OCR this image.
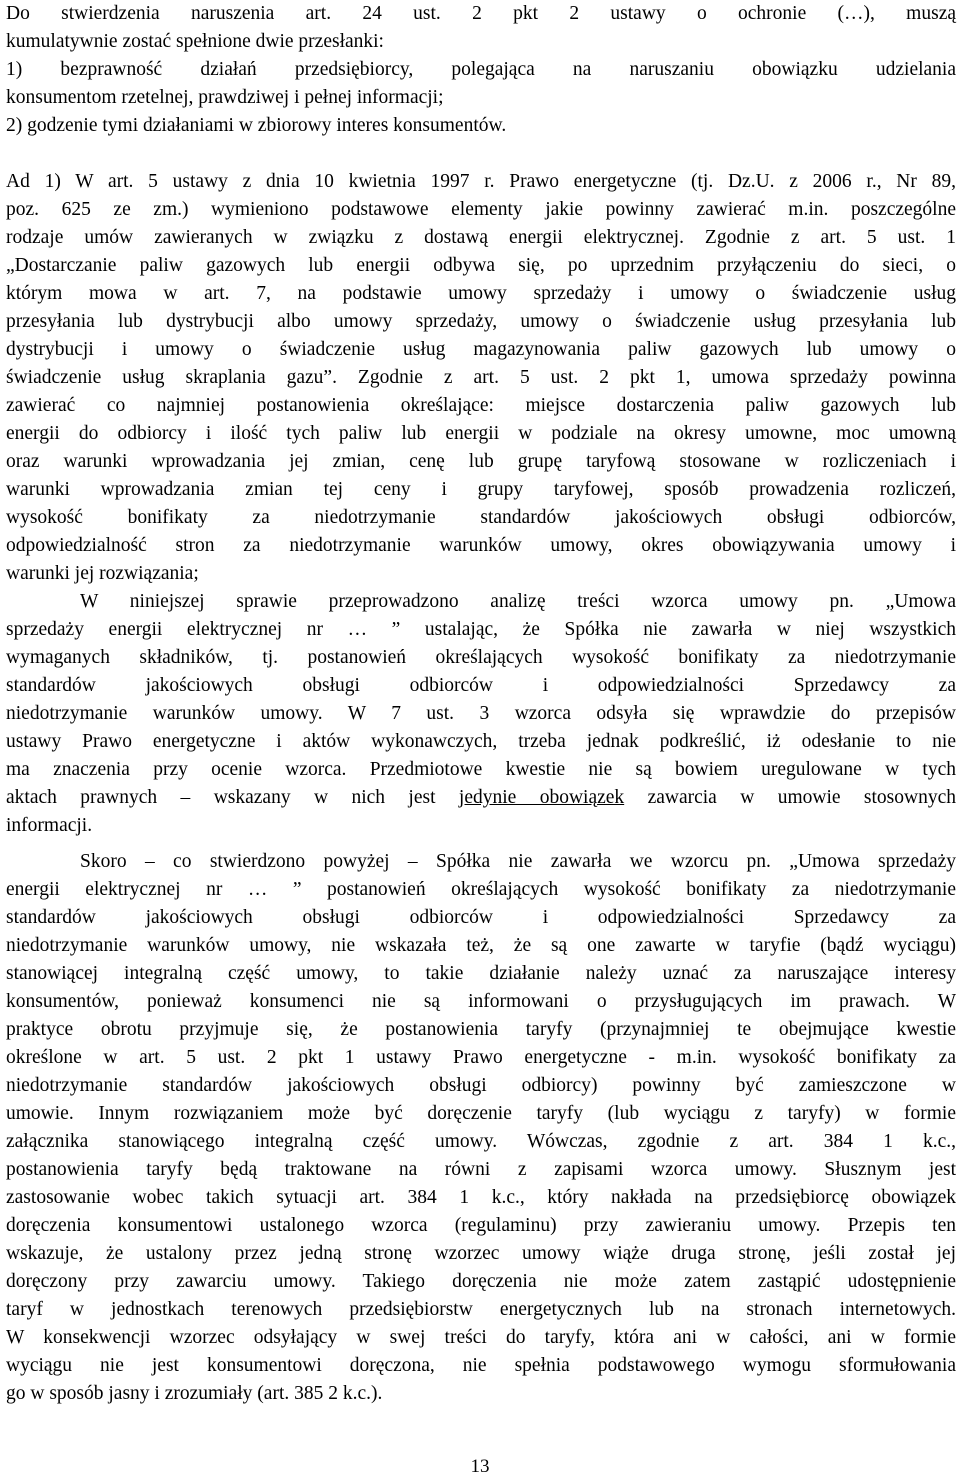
Do stwierdzenia naruszenia art. 24 ust. 2 pkt 2 ustawy o ochronie (…), muszą
kumulatywnie zostać spełnione dwie przesłanki:
1) bezprawność działań przedsiębiorcy, polegająca na naruszaniu obowiązku udzielania
konsumentom rzetelnej, prawdziwej i pełnej informacji;
2) godzenie tymi działaniami w zbiorowy interes konsumentów.
Ad 1) W art. 5 ustawy z dnia 10 kwietnia 1997 r. Prawo energetyczne (tj. Dz.U. z 2006 r., Nr 89,
poz. 625 ze zm.) wymieniono podstawowe elementy jakie powinny zawierać m.in. poszczególne
rodzaje umów zawieranych w związku z dostawą energii elektrycznej. Zgodnie z art. 5 ust. 1
„Dostarczanie paliw gazowych lub energii odbywa się, po uprzednim przyłączeniu do sieci, o
którym mowa w art. 7, na podstawie umowy sprzedaży i umowy o świadczenie usług
przesyłania lub dystrybucji albo umowy sprzedaży, umowy o świadczenie usług przesyłania lub
dystrybucji i umowy o świadczenie usług magazynowania paliw gazowych lub umowy o
świadczenie usług skraplania gazu”. Zgodnie z art. 5 ust. 2 pkt 1, umowa sprzedaży powinna
zawierać co najmniej postanowienia określające: miejsce dostarczenia paliw gazowych lub
energii do odbiorcy i ilość tych paliw lub energii w podziale na okresy umowne, moc umowną
oraz warunki wprowadzania jej zmian, cenę lub grupę taryfową stosowane w rozliczeniach i
warunki wprowadzania zmian tej ceny i grupy taryfowej, sposób prowadzenia rozliczeń,
wysokość bonifikaty za niedotrzymanie standardów jakościowych obsługi odbiorców,
odpowiedzialność stron za niedotrzymanie warunków umowy, okres obowiązywania umowy i
warunki jej rozwiązania;
W niniejszej sprawie przeprowadzono analizę treści wzorca umowy pn. „Umowa
sprzedaży energii elektrycznej nr … ” ustalając, że Spółka nie zawarła w niej wszystkich
wymaganych składników, tj. postanowień określających wysokość bonifikaty za niedotrzymanie
standardów jakościowych obsługi odbiorców i odpowiedzialności Sprzedawcy za
niedotrzymanie warunków umowy. W 7 ust. 3 wzorca odsyła się wprawdzie do przepisów
ustawy Prawo energetyczne i aktów wykonawczych, trzeba jednak podkreślić, iż odesłanie to nie
ma znaczenia przy ocenie wzorca. Przedmiotowe kwestie nie są bowiem uregulowane w tych
aktach prawnych – wskazany w nich jest jedynie obowiązek zawarcia w umowie stosownych
informacji.
Skoro – co stwierdzono powyżej – Spółka nie zawarła we wzorcu pn. „Umowa sprzedaży
energii elektrycznej nr … ” postanowień określających wysokość bonifikaty za niedotrzymanie
standardów jakościowych obsługi odbiorców i odpowiedzialności Sprzedawcy za
niedotrzymanie warunków umowy, nie wskazała też, że są one zawarte w taryfie (bądź wyciągu)
stanowiącej integralną część umowy, to takie działanie należy uznać za naruszające interesy
konsumentów, ponieważ konsumenci nie są informowani o przysługujących im prawach. W
praktyce obrotu przyjmuje się, że postanowienia taryfy (przynajmniej te obejmujące kwestie
określone w art. 5 ust. 2 pkt 1 ustawy Prawo energetyczne - m.in. wysokość bonifikaty za
niedotrzymanie standardów jakościowych obsługi odbiorcy) powinny być zamieszczone w
umowie. Innym rozwiązaniem może być doręczenie taryfy (lub wyciągu z taryfy) w formie
załącznika stanowiącego integralną część umowy. Wówczas, zgodnie z art. 384 1 k.c.,
postanowienia taryfy będą traktowane na równi z zapisami wzorca umowy. Słusznym jest
zastosowanie wobec takich sytuacji art. 384 1 k.c., który nakłada na przedsiębiorcę obowiązek
doręczenia konsumentowi ustalonego wzorca (regulaminu) przy zawieraniu umowy. Przepis ten
wskazuje, że ustalony przez jedną stronę wzorzec umowy wiąże druga stronę, jeśli został jej
doręczony przy zawarciu umowy. Takiego doręczenia nie może zatem zastąpić udostępnienie
taryf w jednostkach terenowych przedsiębiorstw energetycznych lub na stronach internetowych.
W konsekwencji wzorzec odsyłający w swej treści do taryfy, która ani w całości, ani w formie
wyciągu nie jest konsumentowi doręczona, nie spełnia podstawowego wymogu sformułowania
go w sposób jasny i zrozumiały (art. 385 2 k.c.).
13
